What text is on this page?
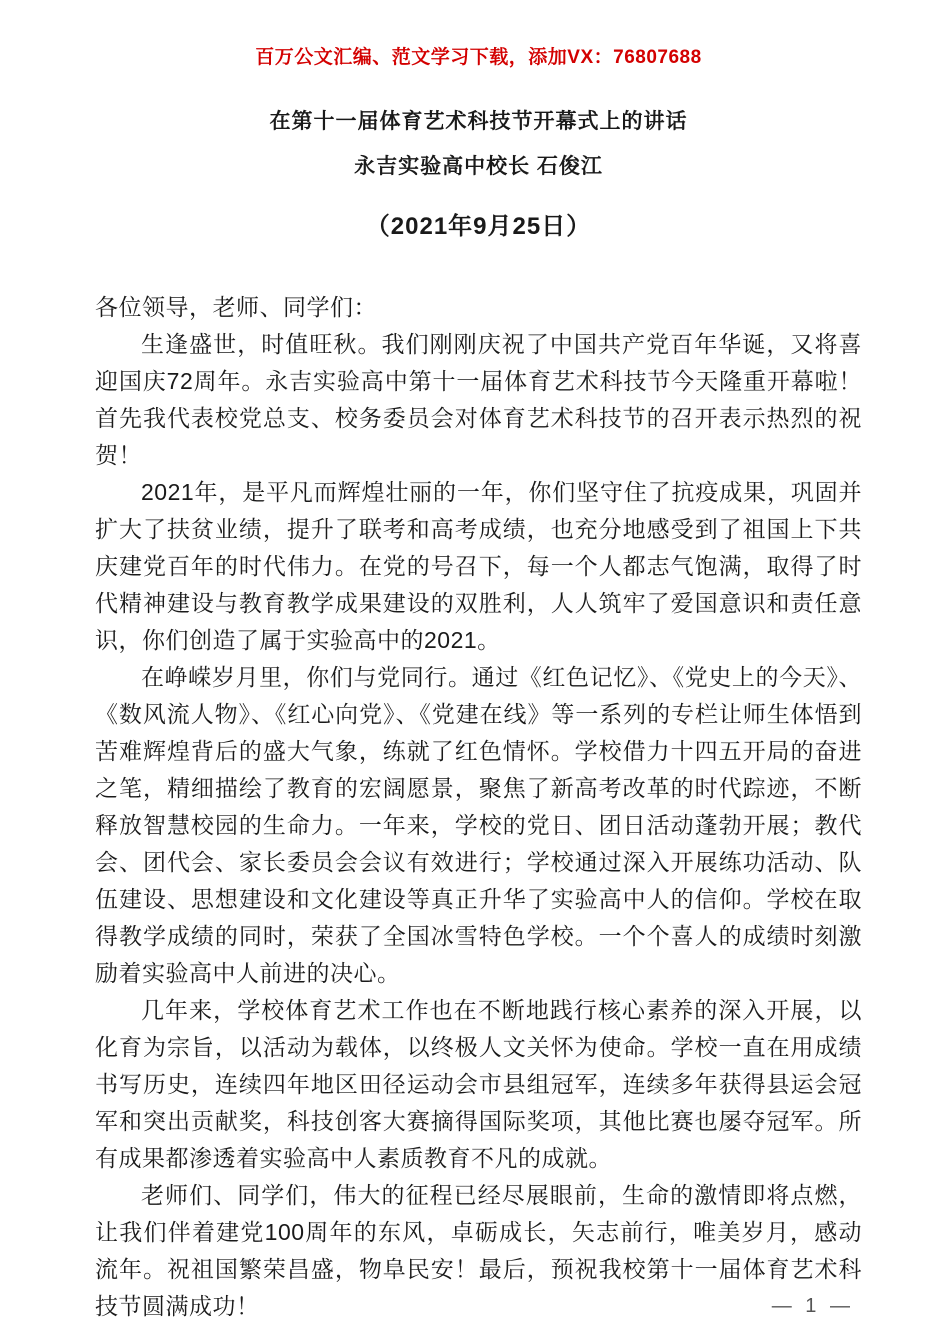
百万公文汇编、范文学习下载，添加VX：76807688
在第十一届体育艺术科技节开幕式上的讲话
永吉实验高中校长 石俊江
（2021年9月25日）

各位领导，老师、同学们：

生逢盛世，时值旺秋。我们刚刚庆祝了中国共产党百年华诞，又将喜迎国庆72周年。永吉实验高中第十一届体育艺术科技节今天隆重开幕啦！首先我代表校党总支、校务委员会对体育艺术科技节的召开表示热烈的祝贺！

2021年，是平凡而辉煌壮丽的一年，你们坚守住了抗疫成果，巩固并扩大了扶贫业绩，提升了联考和高考成绩，也充分地感受到了祖国上下共庆建党百年的时代伟力。在党的号召下，每一个人都志气饱满，取得了时代精神建设与教育教学成果建设的双胜利，人人筑牢了爱国意识和责任意识，你们创造了属于实验高中的2021。

在峥嵘岁月里，你们与党同行。通过《红色记忆》、《党史上的今天》、《数风流人物》、《红心向党》、《党建在线》等一系列的专栏让师生体悟到苦难辉煌背后的盛大气象，练就了红色情怀。学校借力十四五开局的奋进之笔，精细描绘了教育的宏阔愿景，聚焦了新高考改革的时代踪迹，不断释放智慧校园的生命力。一年来，学校的党日、团日活动蓬勃开展；教代会、团代会、家长委员会会议有效进行；学校通过深入开展练功活动、队伍建设、思想建设和文化建设等真正升华了实验高中人的信仰。学校在取得教学成绩的同时，荣获了全国冰雪特色学校。一个个喜人的成绩时刻激励着实验高中人前进的决心。

几年来，学校体育艺术工作也在不断地践行核心素养的深入开展，以化育为宗旨，以活动为载体，以终极人文关怀为使命。学校一直在用成绩书写历史，连续四年地区田径运动会市县组冠军，连续多年获得县运会冠军和突出贡献奖，科技创客大赛摘得国际奖项，其他比赛也屡夺冠军。所有成果都渗透着实验高中人素质教育不凡的成就。

老师们、同学们，伟大的征程已经尽展眼前，生命的激情即将点燃，让我们伴着建党100周年的东风，卓砺成长，矢志前行，唯美岁月，感动流年。祝祖国繁荣昌盛，物阜民安！最后，预祝我校第十一届体育艺术科技节圆满成功！	— 1 —
